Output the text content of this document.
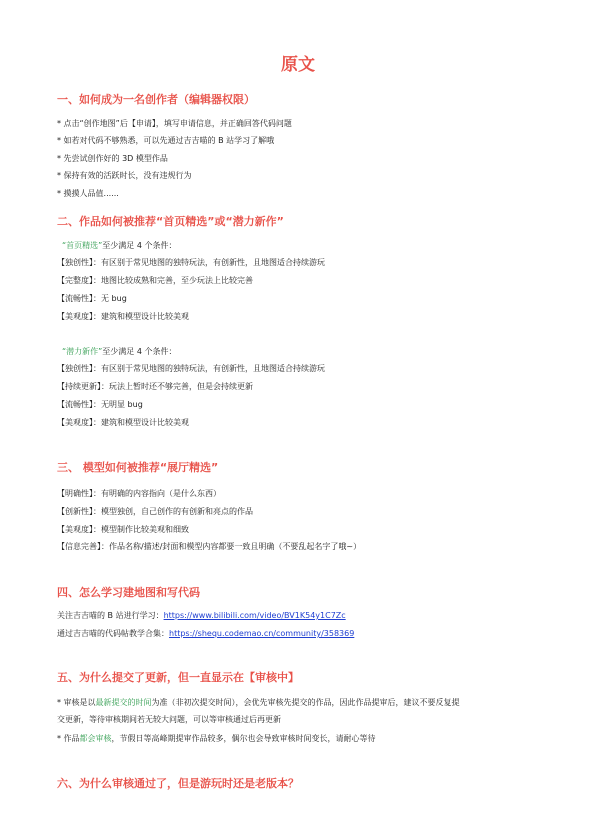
原文
一、如何成为一名创作者（编辑器权限）
* 点击“创作地图”后【申请】，填写申请信息，并正确回答代码问题
* 如若对代码不够熟悉，可以先通过吉吉喵的 B 站学习了解哦
* 先尝试创作好的 3D 模型作品
* 保持有效的活跃时长，没有违规行为
* 摸摸人品值......
二、作品如何被推荐“首页精选”或“潜力新作”
“首页精选”至少满足 4 个条件：
【独创性】：有区别于常见地图的独特玩法，有创新性，且地图适合持续游玩
【完整度】：地图比较成熟和完善，至少玩法上比较完善
【流畅性】：无 bug
【美观度】：建筑和模型设计比较美观
“潜力新作”至少满足 4 个条件：
【独创性】：有区别于常见地图的独特玩法，有创新性，且地图适合持续游玩
【持续更新】：玩法上暂时还不够完善，但是会持续更新
【流畅性】：无明显 bug
【美观度】：建筑和模型设计比较美观
三、 模型如何被推荐“展厅精选”
【明确性】：有明确的内容指向（是什么东西）
【创新性】：模型独创，自己创作的有创新和亮点的作品
【美观度】：模型制作比较美观和细致
【信息完善】：作品名称/描述/封面和模型内容都要一致且明确（不要乱起名字了哦~）
四、怎么学习建地图和写代码
关注吉吉喵的 B 站进行学习：https://www.bilibili.com/video/BV1K54y1C7Zc
通过吉吉喵的代码帖教学合集：https://shequ.codemao.cn/community/358369
五、为什么提交了更新，但一直显示在【审核中】
* 审核是以最新提交的时间为准（非初次提交时间），会优先审核先提交的作品，因此作品提审后，建议不要反复提
交更新，等待审核期间若无较大问题，可以等审核通过后再更新
* 作品都会审核，节假日等高峰期提审作品较多，偶尔也会导致审核时间变长，请耐心等待
六、为什么审核通过了，但是游玩时还是老版本？
